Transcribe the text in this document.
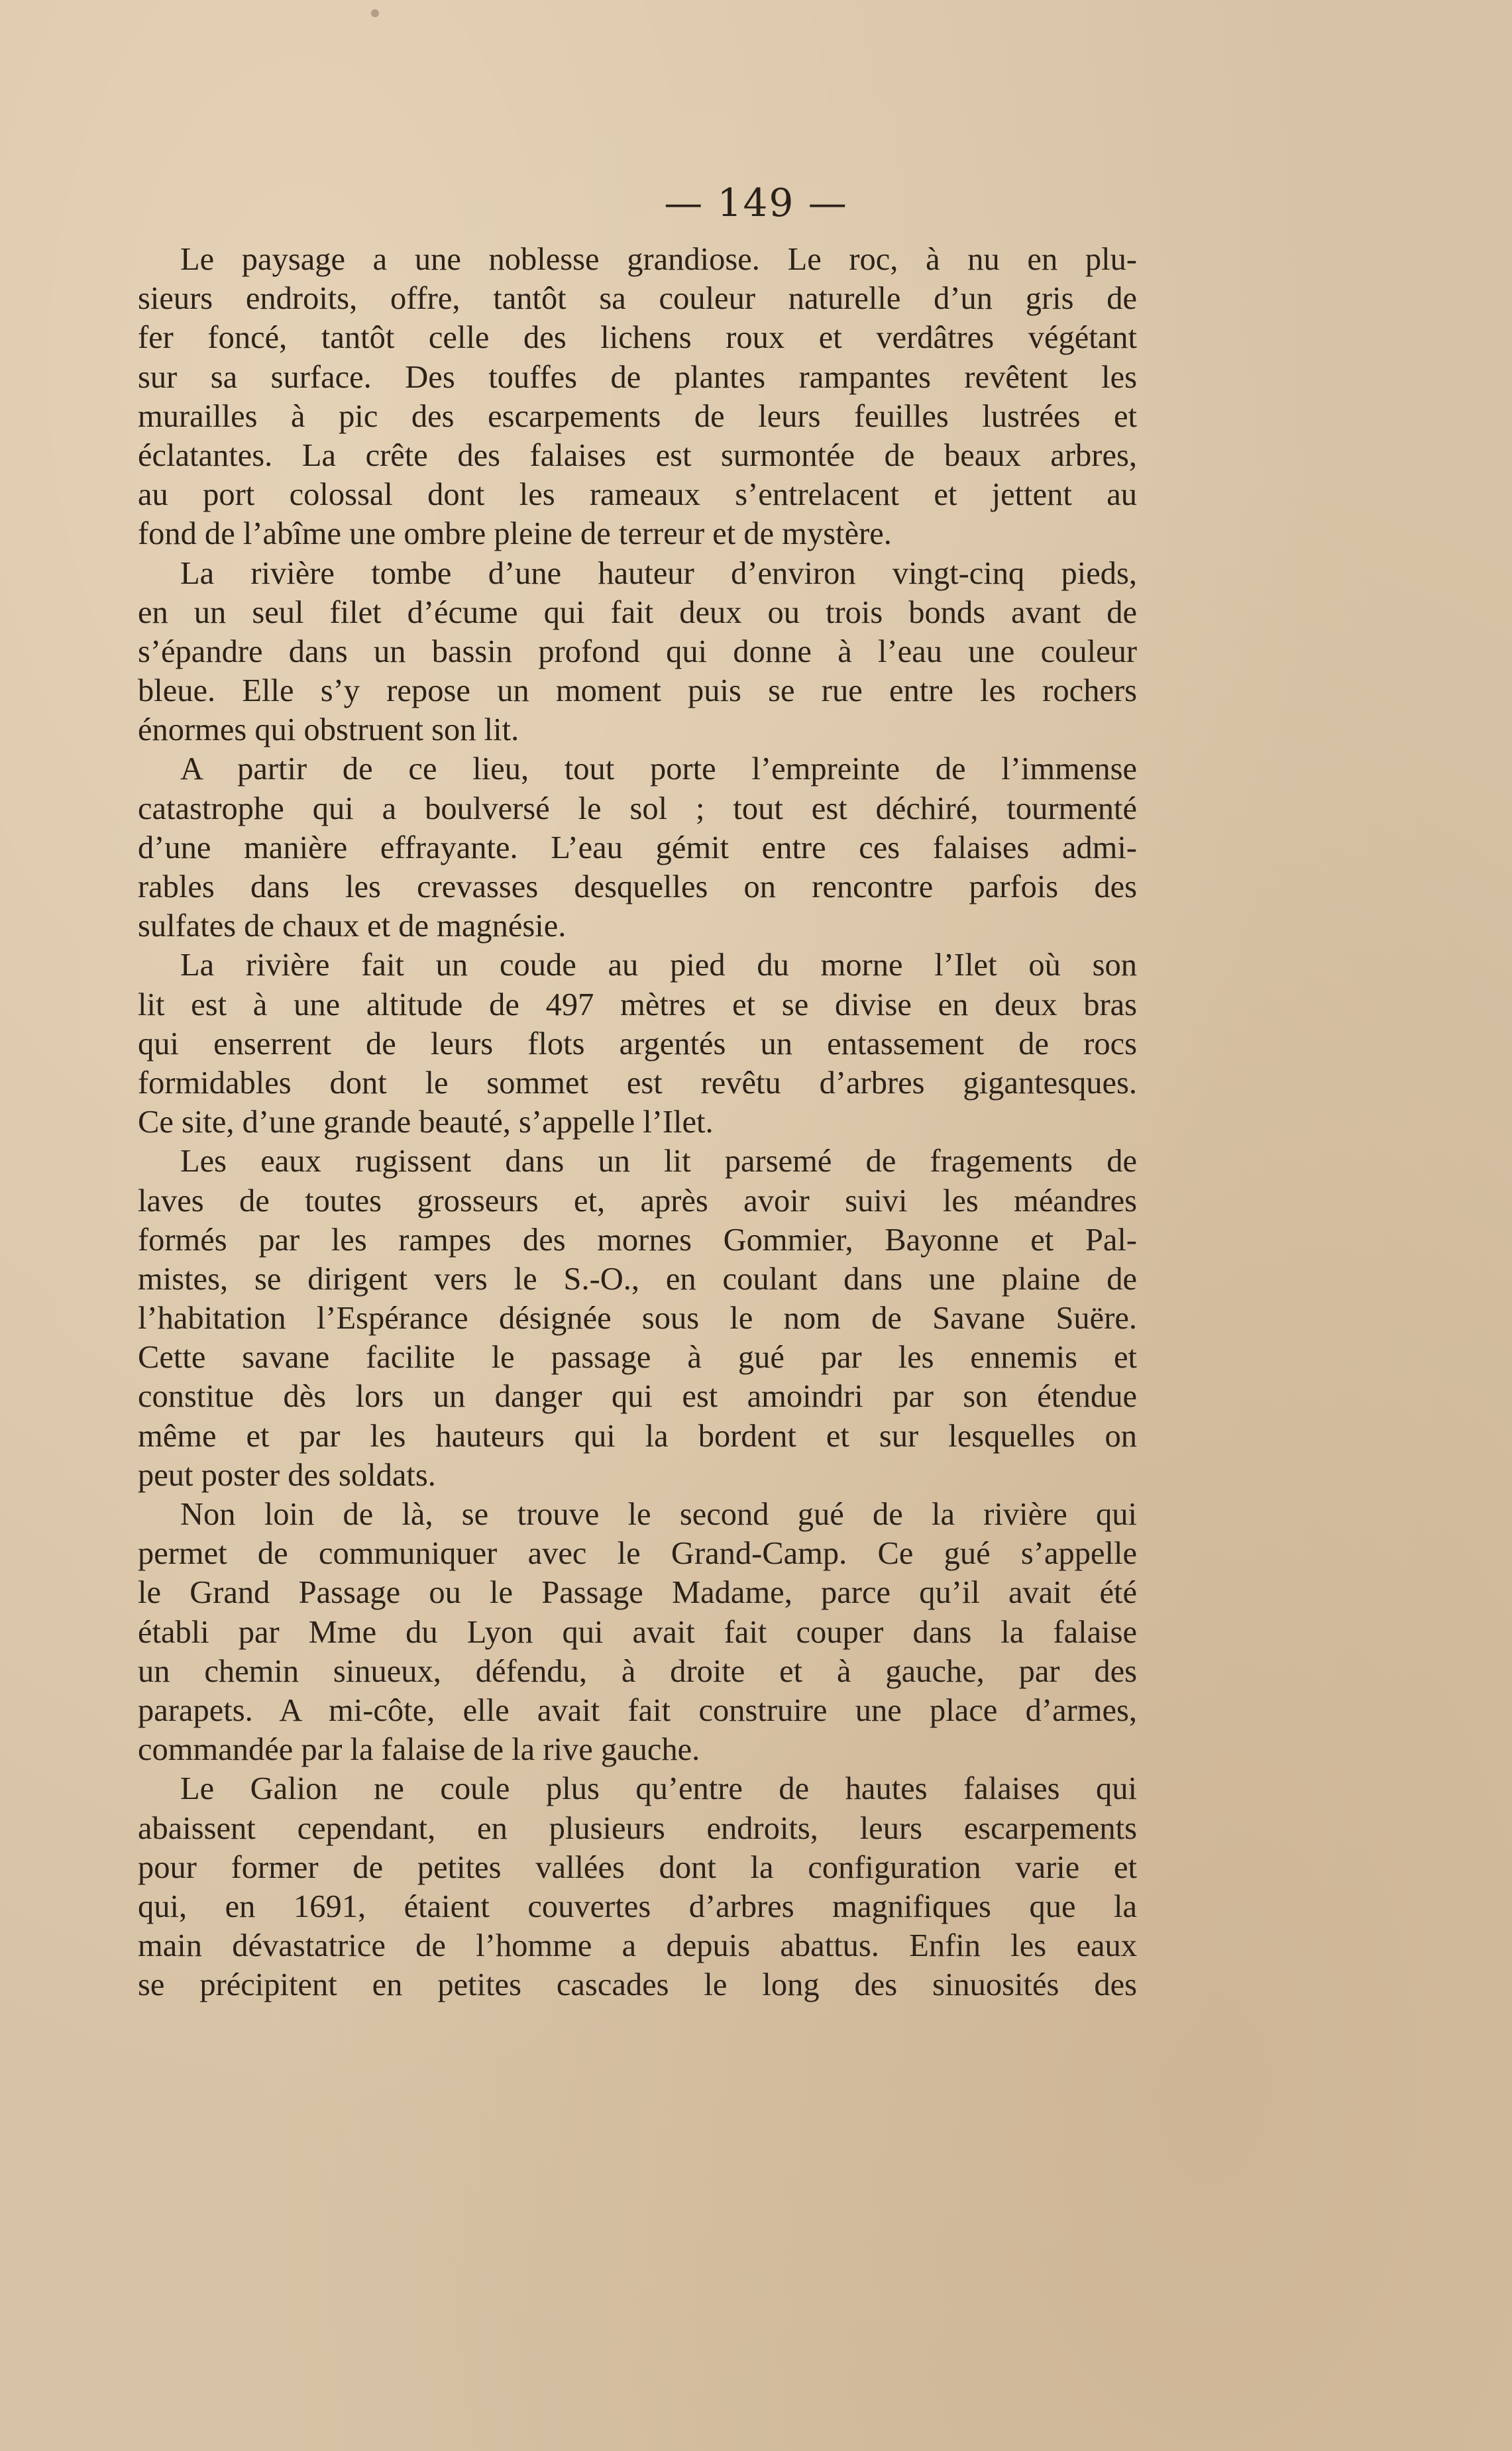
— 149 —
Le paysage a une noblesse grandiose. Le roc, à nu en plu-
sieurs endroits, offre, tantôt sa couleur naturelle d’un gris de
fer foncé, tantôt celle des lichens roux et verdâtres végétant
sur sa surface. Des touffes de plantes rampantes revêtent les
murailles à pic des escarpements de leurs feuilles lustrées et
éclatantes. La crête des falaises est surmontée de beaux arbres,
au port colossal dont les rameaux s’entrelacent et jettent au
fond de l’abîme une ombre pleine de terreur et de mystère.
La rivière tombe d’une hauteur d’environ vingt-cinq pieds,
en un seul filet d’écume qui fait deux ou trois bonds avant de
s’épandre dans un bassin profond qui donne à l’eau une couleur
bleue. Elle s’y repose un moment puis se rue entre les rochers
énormes qui obstruent son lit.
A partir de ce lieu, tout porte l’empreinte de l’immense
catastrophe qui a boulversé le sol ; tout est déchiré, tourmenté
d’une manière effrayante. L’eau gémit entre ces falaises admi-
rables dans les crevasses desquelles on rencontre parfois des
sulfates de chaux et de magnésie.
La rivière fait un coude au pied du morne l’Ilet où son
lit est à une altitude de 497 mètres et se divise en deux bras
qui enserrent de leurs flots argentés un entassement de rocs
formidables dont le sommet est revêtu d’arbres gigantesques.
Ce site, d’une grande beauté, s’appelle l’Ilet.
Les eaux rugissent dans un lit parsemé de fragements de
laves de toutes grosseurs et, après avoir suivi les méandres
formés par les rampes des mornes Gommier, Bayonne et Pal-
mistes, se dirigent vers le S.-O., en coulant dans une plaine de
l’habitation l’Espérance désignée sous le nom de Savane Suëre.
Cette savane facilite le passage à gué par les ennemis et
constitue dès lors un danger qui est amoindri par son étendue
même et par les hauteurs qui la bordent et sur lesquelles on
peut poster des soldats.
Non loin de là, se trouve le second gué de la rivière qui
permet de communiquer avec le Grand-Camp. Ce gué s’appelle
le Grand Passage ou le Passage Madame, parce qu’il avait été
établi par Mme du Lyon qui avait fait couper dans la falaise
un chemin sinueux, défendu, à droite et à gauche, par des
parapets. A mi-côte, elle avait fait construire une place d’armes,
commandée par la falaise de la rive gauche.
Le Galion ne coule plus qu’entre de hautes falaises qui
abaissent cependant, en plusieurs endroits, leurs escarpements
pour former de petites vallées dont la configuration varie et
qui, en 1691, étaient couvertes d’arbres magnifiques que la
main dévastatrice de l’homme a depuis abattus. Enfin les eaux
se précipitent en petites cascades le long des sinuosités des
